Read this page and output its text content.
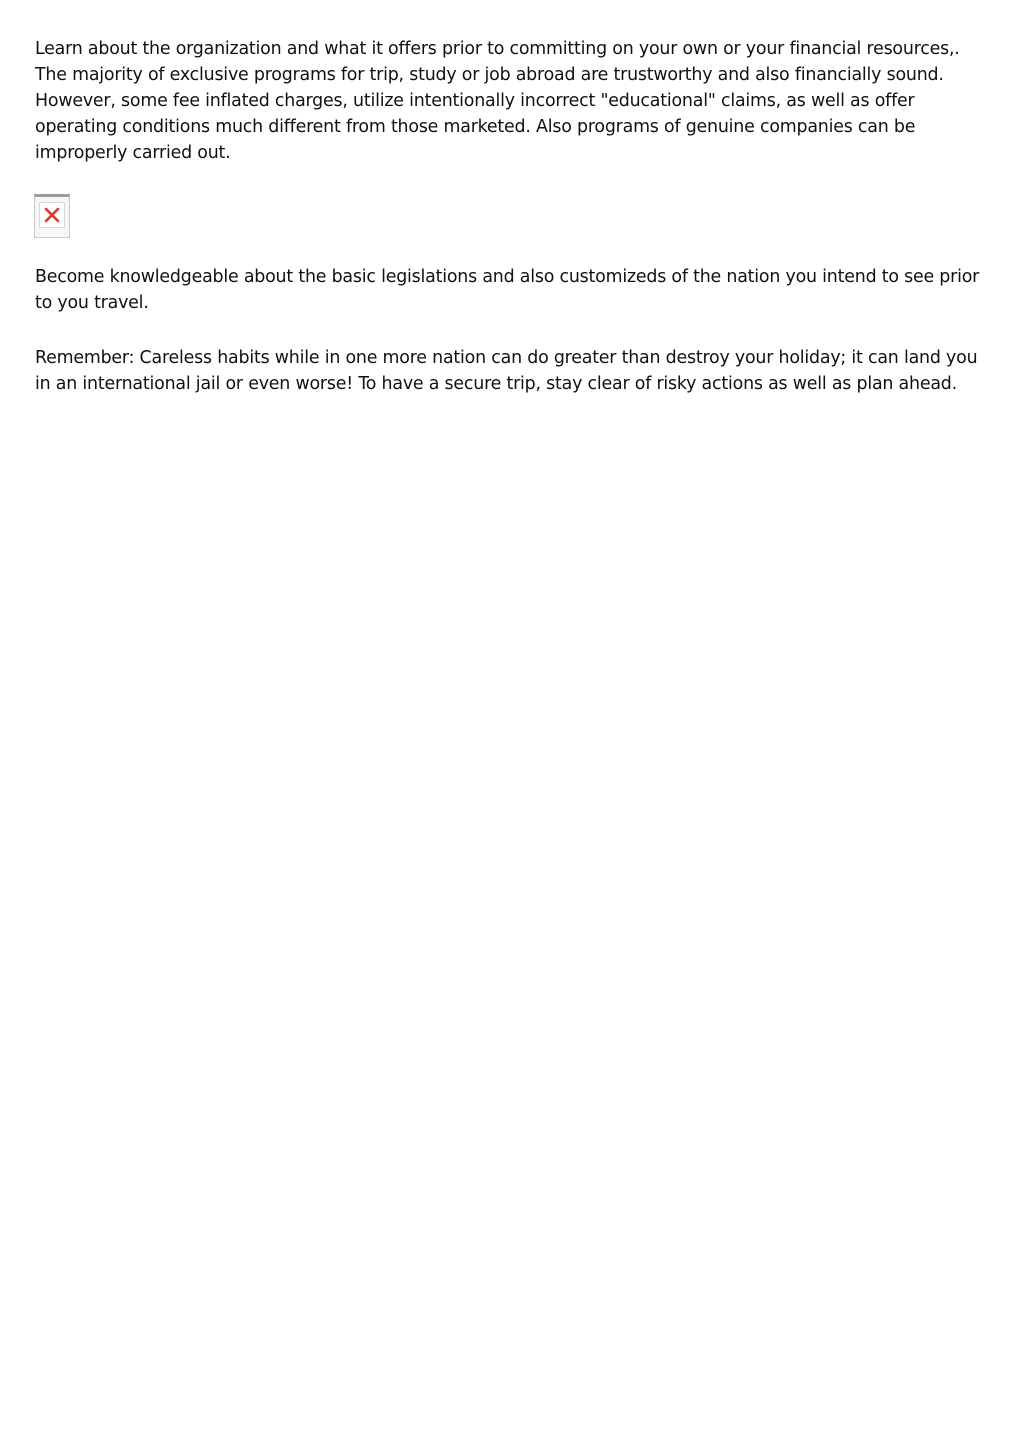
Learn about the organization and what it offers prior to committing on your own or your financial resources,. The majority of exclusive programs for trip, study or job abroad are trustworthy and also financially sound. However, some fee inflated charges, utilize intentionally incorrect "educational" claims, as well as offer operating conditions much different from those marketed. Also programs of genuine companies can be improperly carried out.

Become knowledgeable about the basic legislations and also customizeds of the nation you intend to see prior to you travel.

Remember: Careless habits while in one more nation can do greater than destroy your holiday; it can land you in an international jail or even worse! To have a secure trip, stay clear of risky actions as well as plan ahead.
